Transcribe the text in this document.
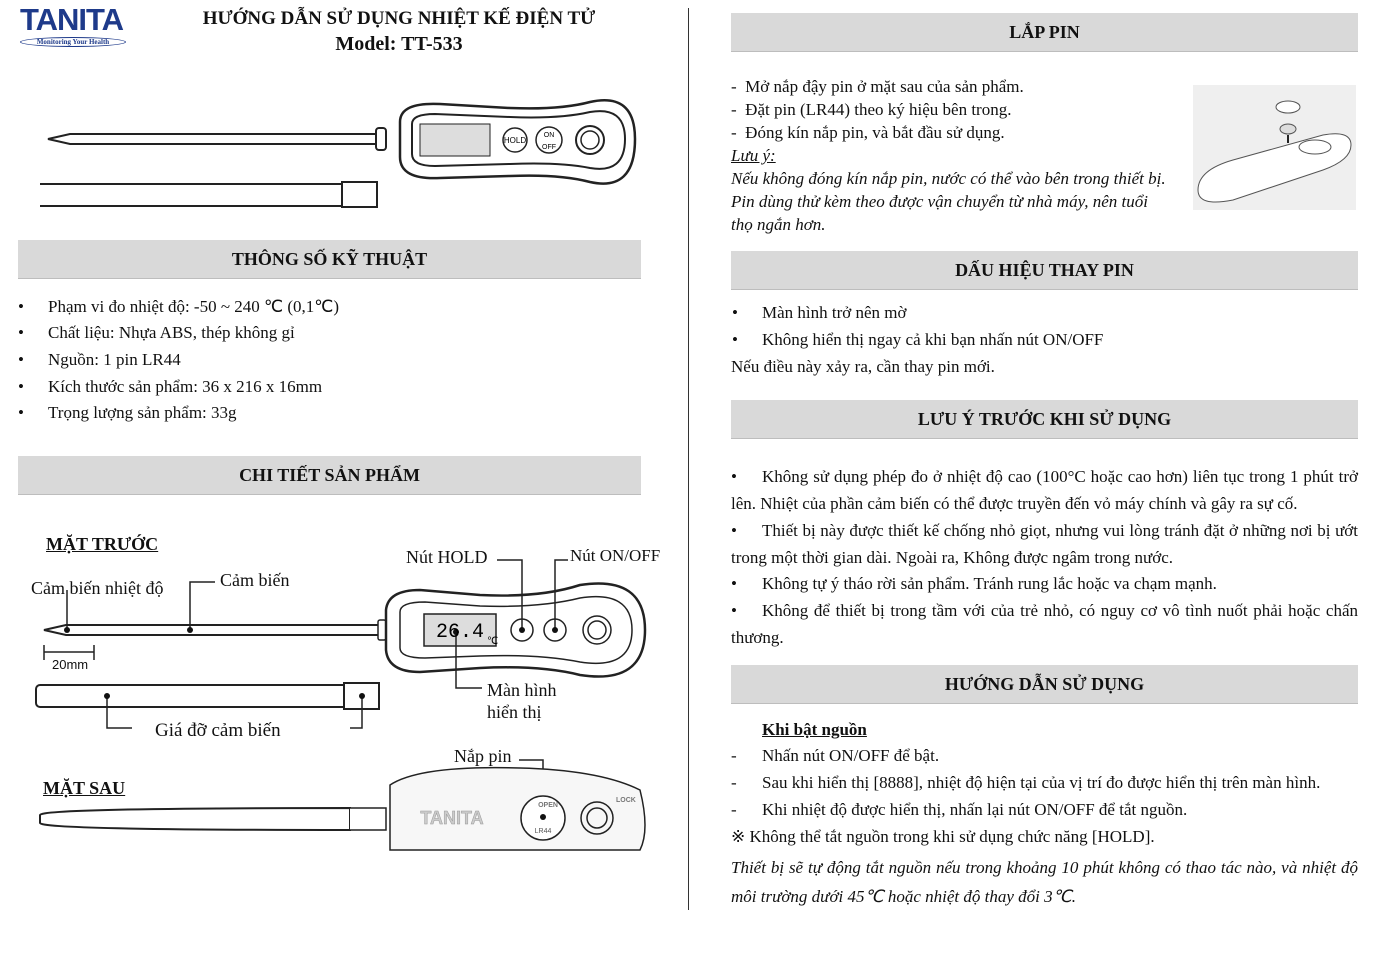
TANITA
Monitoring Your Health
HƯỚNG DẪN SỬ DỤNG NHIỆT KẾ ĐIỆN TỬ
Model: TT-533
HOLD
ON
OFF
THÔNG SỐ KỸ THUẬT
• Phạm vi đo nhiệt độ: -50 ~ 240 ℃ (0,1℃)
• Chất liệu: Nhựa ABS, thép không gỉ
• Nguồn: 1 pin LR44
• Kích thước sản phẩm: 36 x 216 x 16mm
• Trọng lượng sản phẩm: 33g
CHI TIẾT SẢN PHẨM
MẶT TRƯỚC
Cảm biến nhiệt độ	Cảm biến
Nút HOLD	Nút ON/OFF
20mm
Màn hình
hiển thị
Giá đỡ cảm biến
Nắp pin
MẶT SAU
26.4 ℃
TANITA
OPEN
LR44
LOCK
LẮP PIN
-  Mở nắp đậy pin ở mặt sau của sản phẩm.
-  Đặt pin (LR44) theo ký hiệu bên trong.
-  Đóng kín nắp pin, và bắt đầu sử dụng.
Lưu ý:
Nếu không đóng kín nắp pin, nước có thể vào bên trong thiết bị.
Pin dùng thử kèm theo được vận chuyển từ nhà máy, nên tuổi
thọ ngắn hơn.
DẤU HIỆU THAY PIN
• Màn hình trở nên mờ
• Không hiển thị ngay cả khi bạn nhấn nút ON/OFF
Nếu điều này xảy ra, cần thay pin mới.
LƯU Ý TRƯỚC KHI SỬ DỤNG
• Không sử dụng phép đo ở nhiệt độ cao (100°C hoặc cao hơn) liên tục trong 1 phút trở lên. Nhiệt của phần cảm biến có thể được truyền đến vỏ máy chính và gây ra sự cố.
• Thiết bị này được thiết kế chống nhỏ giọt, nhưng vui lòng tránh đặt ở những nơi bị ướt trong một thời gian dài. Ngoài ra, Không được ngâm trong nước.
• Không tự ý tháo rời sản phẩm. Tránh rung lắc hoặc va chạm mạnh.
• Không để thiết bị trong tầm với của trẻ nhỏ, có nguy cơ vô tình nuốt phải hoặc chấn thương.
HƯỚNG DẪN SỬ DỤNG
Khi bật nguồn
- Nhấn nút ON/OFF để bật.
- Sau khi hiển thị [8888], nhiệt độ hiện tại của vị trí đo được hiển thị trên màn hình.
- Khi nhiệt độ được hiển thị, nhấn lại nút ON/OFF để tắt nguồn.
※ Không thể tắt nguồn trong khi sử dụng chức năng [HOLD].
Thiết bị sẽ tự động tắt nguồn nếu trong khoảng 10 phút không có thao tác nào, và nhiệt độ môi trường dưới 45℃ hoặc nhiệt độ thay đổi 3℃.
